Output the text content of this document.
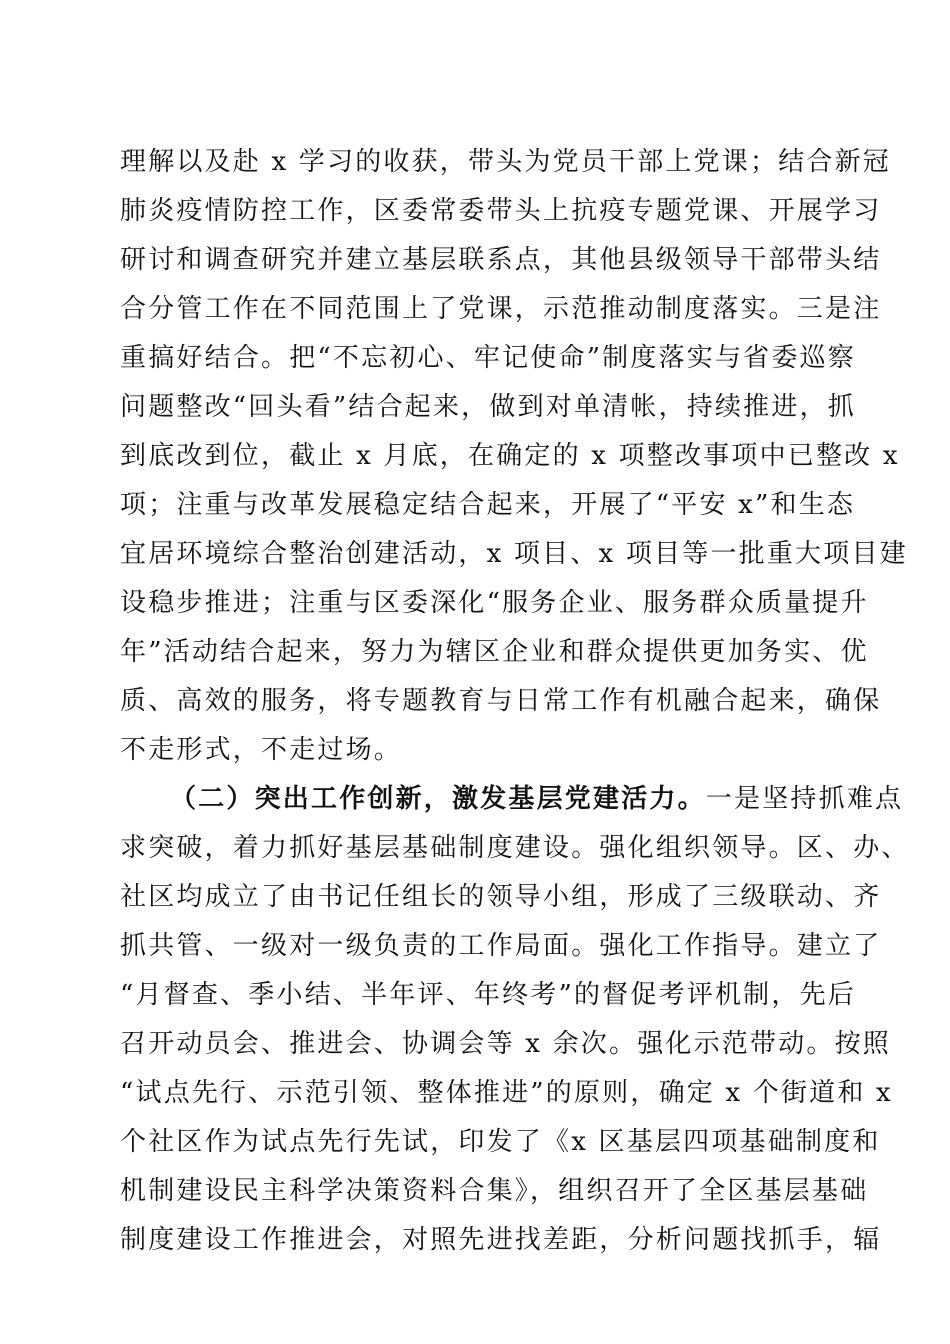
理解以及赴 x 学习的收获，带头为党员干部上党课；结合新冠
肺炎疫情防控工作，区委常委带头上抗疫专题党课、开展学习
研讨和调查研究并建立基层联系点，其他县级领导干部带头结
合分管工作在不同范围上了党课，示范推动制度落实。三是注
重搞好结合。把“不忘初心、牢记使命”制度落实与省委巡察
问题整改“回头看”结合起来，做到对单清帐，持续推进，抓
到底改到位，截止 x 月底，在确定的 x 项整改事项中已整改 x
项；注重与改革发展稳定结合起来，开展了“平安 x”和生态
宜居环境综合整治创建活动，x 项目、x 项目等一批重大项目建
设稳步推进；注重与区委深化“服务企业、服务群众质量提升
年”活动结合起来，努力为辖区企业和群众提供更加务实、优
质、高效的服务，将专题教育与日常工作有机融合起来，确保
不走形式，不走过场。
（二）突出工作创新，激发基层党建活力。一是坚持抓难点
求突破，着力抓好基层基础制度建设。强化组织领导。区、办、
社区均成立了由书记任组长的领导小组，形成了三级联动、齐
抓共管、一级对一级负责的工作局面。强化工作指导。建立了
“月督查、季小结、半年评、年终考”的督促考评机制，先后
召开动员会、推进会、协调会等 x 余次。强化示范带动。按照
“试点先行、示范引领、整体推进”的原则，确定 x 个街道和 x
个社区作为试点先行先试，印发了《x 区基层四项基础制度和
机制建设民主科学决策资料合集》，组织召开了全区基层基础
制度建设工作推进会，对照先进找差距，分析问题找抓手，辐
